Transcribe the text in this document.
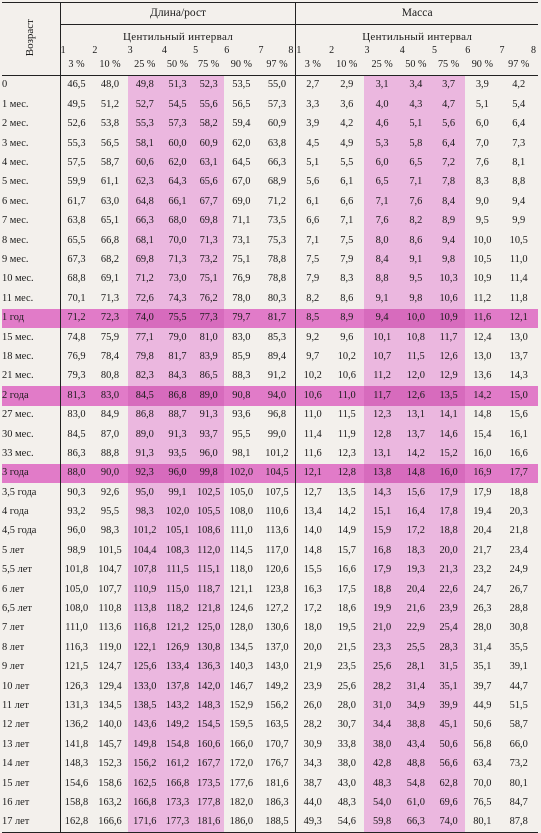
Возраст	Длина/рост							Масса						
	Центильный интервал							Центильный интервал						
	1	2	3	4	5	6	7 8	1	2	3	4	5	6	7 8

	3 %	10 %	25 %	50 %	75 %	90 %	97 %	3 %	10 %	25 %	50 %	75 %	90 %	97 %
0	46,5	48,0	49,8	51,3	52,3	53,5	55,0	2,7	2,9	3,1	3,4	3,7	3,9	4,2
1 мес.	49,5	51,2	52,7	54,5	55,6	56,5	57,3	3,3	3,6	4,0	4,3	4,7	5,1	5,4
2 мес.	52,6	53,8	55,3	57,3	58,2	59,4	60,9	3,9	4,2	4,6	5,1	5,6	6,0	6,4
3 мес.	55,3	56,5	58,1	60,0	60,9	62,0	63,8	4,5	4,9	5,3	5,8	6,4	7,0	7,3
4 мес.	57,5	58,7	60,6	62,0	63,1	64,5	66,3	5,1	5,5	6,0	6,5	7,2	7,6	8,1
5 мес.	59,9	61,1	62,3	64,3	65,6	67,0	68,9	5,6	6,1	6,5	7,1	7,8	8,3	8,8
6 мес.	61,7	63,0	64,8	66,1	67,7	69,0	71,2	6,1	6,6	7,1	7,6	8,4	9,0	9,4
7 мес.	63,8	65,1	66,3	68,0	69,8	71,1	73,5	6,6	7,1	7,6	8,2	8,9	9,5	9,9
8 мес.	65,5	66,8	68,1	70,0	71,3	73,1	75,3	7,1	7,5	8,0	8,6	9,4	10,0	10,5
9 мес.	67,3	68,2	69,8	71,3	73,2	75,1	78,8	7,5	7,9	8,4	9,1	9,8	10,5	11,0
10 мес.	68,8	69,1	71,2	73,0	75,1	76,9	78,8	7,9	8,3	8,8	9,5	10,3	10,9	11,4
11 мес.	70,1	71,3	72,6	74,3	76,2	78,0	80,3	8,2	8,6	9,1	9,8	10,6	11,2	11,8
1 год	71,2	72,3	74,0	75,5	77,3	79,7	81,7	8,5	8,9	9,4	10,0	10,9	11,6	12,1
15 мес.	74,8	75,9	77,1	79,0	81,0	83,0	85,3	9,2	9,6	10,1	10,8	11,7	12,4	13,0
18 мес.	76,9	78,4	79,8	81,7	83,9	85,9	89,4	9,7	10,2	10,7	11,5	12,6	13,0	13,7
21 мес.	79,3	80,8	82,3	84,3	86,5	88,3	91,2	10,2	10,6	11,2	12,0	12,9	13,6	14,3
2 года	81,3	83,0	84,5	86,8	89,0	90,8	94,0	10,6	11,0	11,7	12,6	13,5	14,2	15,0
27 мес.	83,0	84,9	86,8	88,7	91,3	93,6	96,8	11,0	11,5	12,3	13,1	14,1	14,8	15,6
30 мес.	84,5	87,0	89,0	91,3	93,7	95,5	99,0	11,4	11,9	12,8	13,7	14,6	15,4	16,1
33 мес.	86,3	88,8	91,3	93,5	96,0	98,1	101,2	11,6	12,3	13,1	14,2	15,2	16,0	16,6
3 года	88,0	90,0	92,3	96,0	99,8	102,0	104,5	12,1	12,8	13,8	14,8	16,0	16,9	17,7
3,5 года	90,3	92,6	95,0	99,1	102,5	105,0	107,5	12,7	13,5	14,3	15,6	17,9	17,9	18,8
4 года	93,2	95,5	98,3	102,0	105,5	108,0	110,6	13,4	14,2	15,1	16,4	17,8	19,4	20,3
4,5 года	96,0	98,3	101,2	105,1	108,6	111,0	113,6	14,0	14,9	15,9	17,2	18,8	20,4	21,8
5 лет	98,9	101,5	104,4	108,3	112,0	114,5	117,0	14,8	15,7	16,8	18,3	20,0	21,7	23,4
5,5 лет	101,8	104,7	107,8	111,5	115,1	118,0	120,6	15,5	16,6	17,9	19,3	21,3	23,2	24,9
6 лет	105,0	107,7	110,9	115,0	118,7	121,1	123,8	16,3	17,5	18,8	20,4	22,6	24,7	26,7
6,5 лет	108,0	110,8	113,8	118,2	121,8	124,6	127,2	17,2	18,6	19,9	21,6	23,9	26,3	28,8
7 лет	111,0	113,6	116,8	121,2	125,0	128,0	130,6	18,0	19,5	21,0	22,9	25,4	28,0	30,8
8 лет	116,3	119,0	122,1	126,9	130,8	134,5	137,0	20,0	21,5	23,3	25,5	28,3	31,4	35,5
9 лет	121,5	124,7	125,6	133,4	136,3	140,3	143,0	21,9	23,5	25,6	28,1	31,5	35,1	39,1
10 лет	126,3	129,4	133,0	137,8	142,0	146,7	149,2	23,9	25,6	28,2	31,4	35,1	39,7	44,7
11 лет	131,3	134,5	138,5	143,2	148,3	152,9	156,2	26,0	28,0	31,0	34,9	39,9	44,9	51,5
12 лет	136,2	140,0	143,6	149,2	154,5	159,5	163,5	28,2	30,7	34,4	38,8	45,1	50,6	58,7
13 лет	141,8	145,7	149,8	154,8	160,6	166,0	170,7	30,9	33,8	38,0	43,4	50,6	56,8	66,0
14 лет	148,3	152,3	156,2	161,2	167,7	172,0	176,7	34,3	38,0	42,8	48,8	56,6	63,4	73,2
15 лет	154,6	158,6	162,5	166,8	173,5	177,6	181,6	38,7	43,0	48,3	54,8	62,8	70,0	80,1
16 лет	158,8	163,2	166,8	173,3	177,8	182,0	186,3	44,0	48,3	54,0	61,0	69,6	76,5	84,7
17 лет	162,8	166,6	171,6	177,3	181,6	186,0	188,5	49,3	54,6	59,8	66,3	74,0	80,1	87,8
